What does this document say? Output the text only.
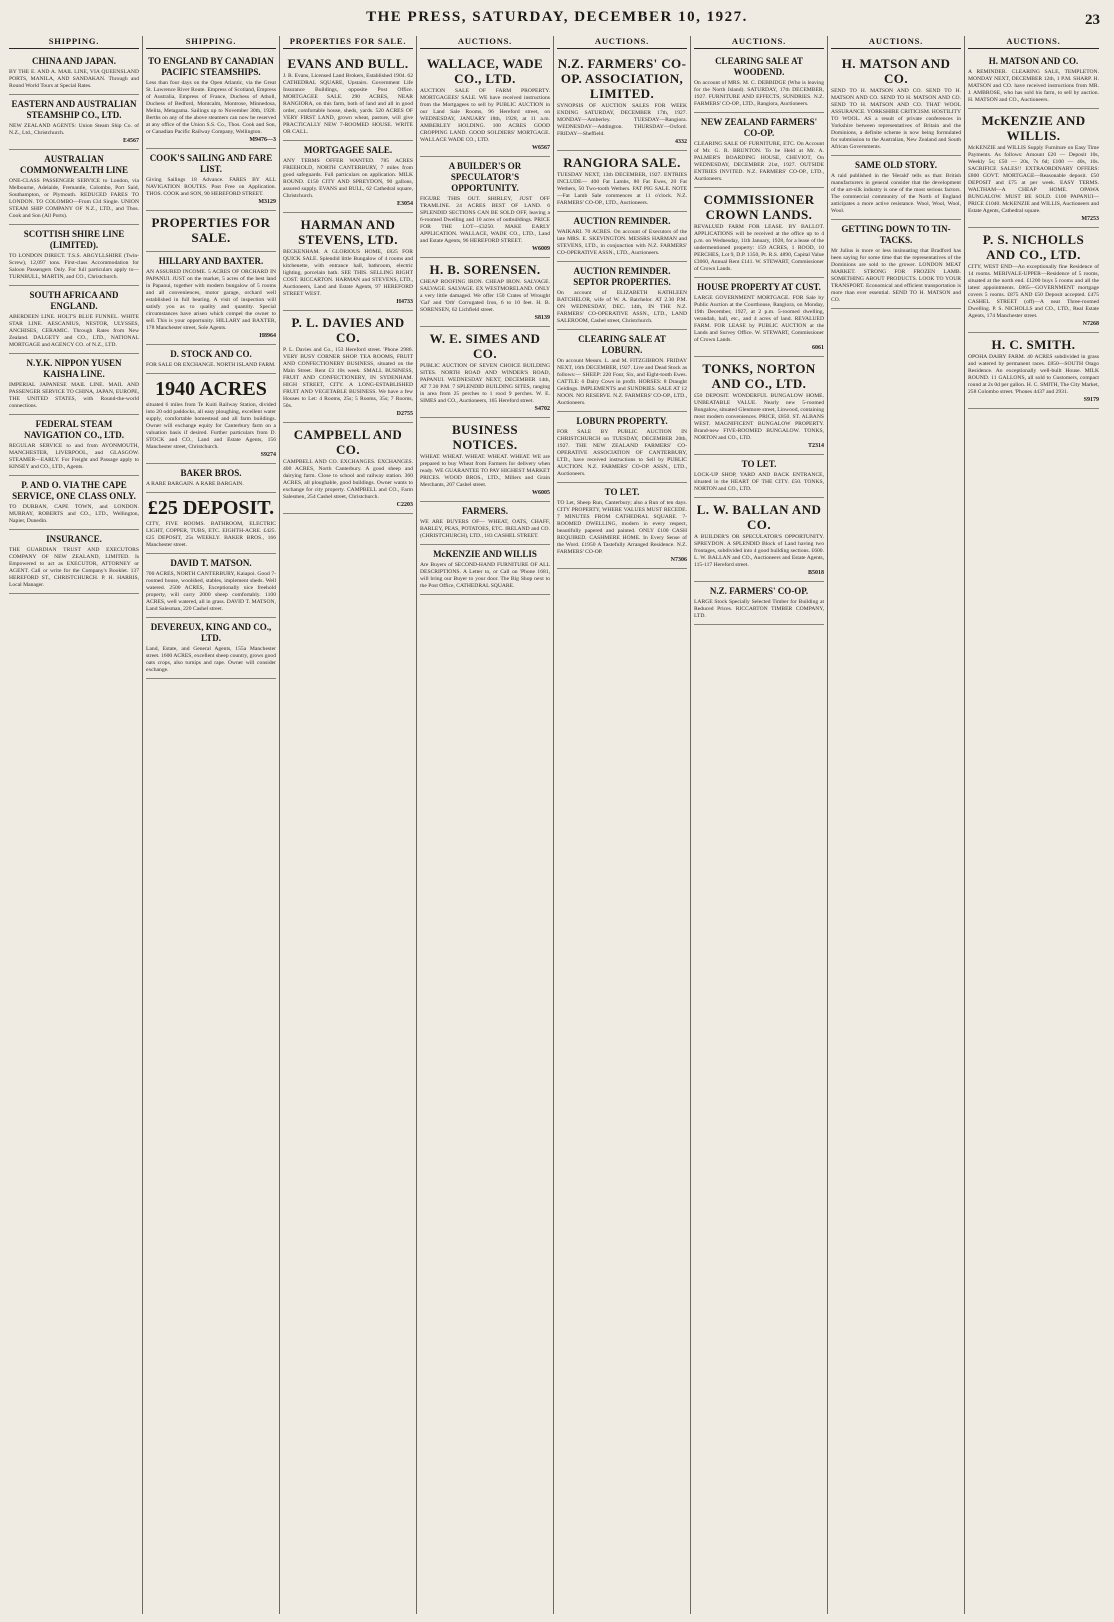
THE PRESS, SATURDAY, DECEMBER 10, 1927.	23
SHIPPING.
CHINA AND JAPAN.
BY THE E. AND A. MAIL LINE, VIA QUEENSLAND PORTS, MANILA, AND SANDAKAN. Through and Round World Tours at Special Rates.
EASTERN AND AUSTRALIAN STEAMSHIP CO., LTD.
NEW ZEALAND AGENTS: Union Steam Ship Co. of N.Z., Ltd., Christchurch.
E4567
AUSTRALIAN COMMONWEALTH LINE
ONE-CLASS PASSENGER SERVICE to London, via Melbourne, Adelaide, Fremantle, Colombo, Port Said, Southampton, or Plymouth. REDUCED FARES TO LONDON. TO COLOMBO—From £34 Single. UNION STEAM SHIP COMPANY OF N.Z., LTD., and Thos. Cook and Son (All Ports).
SCOTTISH SHIRE LINE (LIMITED).
TO LONDON DIRECT. T.S.S. ARGYLLSHIRE (Twin-Screw), 12,097 tons. First-class Accommodation for Saloon Passengers Only. For full particulars apply to— TURNBULL, MARTIN, and CO., Christchurch.
SOUTH AFRICA AND ENGLAND.
ABERDEEN LINE. HOLT'S BLUE FUNNEL. WHITE STAR LINE. AESCANIUS, NESTOR, ULYSSES, ANCHISES, CERAMIC. Through Rates from New Zealand. DALGETY and CO., LTD., NATIONAL MORTGAGE and AGENCY CO. of N.Z., LTD.
N.Y.K. NIPPON YUSEN KAISHA LINE.
IMPERIAL JAPANESE MAIL LINE. MAIL AND PASSENGER SERVICE TO CHINA, JAPAN, EUROPE, THE UNITED STATES, with Round-the-world connections.
FEDERAL STEAM NAVIGATION CO., LTD.
REGULAR SERVICE to and from AVONMOUTH, MANCHESTER, LIVERPOOL, and GLASGOW. STEAMER—EARLY. For Freight and Passage apply to KINSEY and CO., LTD., Agents.
P. AND O. VIA THE CAPE SERVICE, ONE CLASS ONLY.
TO DURBAN, CAPE TOWN, and LONDON. MURRAY, ROBERTS and CO., LTD., Wellington, Napier, Dunedin.
INSURANCE.
THE GUARDIAN TRUST AND EXECUTORS COMPANY OF NEW ZEALAND, LIMITED. Is Empowered to act as EXECUTOR, ATTORNEY or AGENT. Call or write for the Company's Booklet. 137 HEREFORD ST., CHRISTCHURCH. P. H. HARRIS, Local Manager.
SHIPPING.
TO ENGLAND BY CANADIAN PACIFIC STEAMSHIPS.
Less than four days on the Open Atlantic, via the Great St. Lawrence River Route. Empress of Scotland, Empress of Australia, Empress of France, Duchess of Atholl, Duchess of Bedford, Montcalm, Montrose, Minnedosa, Melita, Metagama. Sailings up to November 30th, 1928. Berths on any of the above steamers can now be reserved at any office of the Union S.S. Co., Thos. Cook and Son, or Canadian Pacific Railway Company, Wellington.
M9476—3
COOK'S SAILING AND FARE LIST.
Giving Sailings 18 Advance. FARES BY ALL NAVIGATION ROUTES. Post Free on Application. THOS. COOK and SON, 90 HEREFORD STREET.
M3129
PROPERTIES FOR SALE.
HILLARY AND BAXTER.
AN ASSURED INCOME. 5 ACRES OF ORCHARD IN PAPANUI. JUST on the market, 5 acres of the best land in Papanui, together with modern bungalow of 5 rooms and all conveniences, motor garage, orchard well established in full bearing. A visit of inspection will satisfy you as to quality and quantity. Special circumstances have arisen which compel the owner to sell. This is your opportunity. HILLARY and BAXTER, 178 Manchester street, Sole Agents.
H8964
D. STOCK AND CO.
FOR SALE OR EXCHANGE. NORTH ISLAND FARM.
1940 ACRES
situated 6 miles from Te Kuiti Railway Station, divided into 20 odd paddocks, all easy ploughing, excellent water supply, comfortable homestead and all farm buildings. Owner will exchange equity for Canterbury farm on a valuation basis if desired. Further particulars from D. STOCK and CO., Land and Estate Agents, 156 Manchester street, Christchurch.
S9274
BAKER BROS.
A RARE BARGAIN. A RARE BARGAIN.
£25 DEPOSIT.
CITY, FIVE ROOMS. BATHROOM, ELECTRIC LIGHT, COPPER, TUBS, ETC. EIGHTH-ACRE. £425. £25 DEPOSIT, 25s WEEKLY. BAKER BROS., 166 Manchester street.
DAVID T. MATSON.
700 ACRES, NORTH CANTERBURY, Kaiapoi. Good 7-roomed house, woolshed, stables, implement sheds. Well watered. 2500 ACRES, Exceptionally nice freehold property, will carry 2000 sheep comfortably. 1100 ACRES, well watered, all in grass. DAVID T. MATSON, Land Salesman, 220 Cashel street.
DEVEREUX, KING AND CO., LTD.
Land, Estate, and General Agents, 155a Manchester street. 1600 ACRES, excellent sheep country, grows good oats crops, also turnips and rape. Owner will consider exchange.
PROPERTIES FOR SALE.
EVANS AND BULL.
J. R. Evans, Licensed Land Brokers, Established 1904. 62 CATHEDRAL SQUARE, Upstairs. Government Life Insurance Buildings, opposite Post Office. MORTGAGEE SALE. 290 ACRES, NEAR RANGIORA, on this farm, both of land and all in good order, comfortable house, sheds, yards. 520 ACRES OF VERY FIRST LAND, grown wheat, pasture, will give PRACTICALLY NEW 7-ROOMED HOUSE. WRITE OR CALL.
MORTGAGEE SALE.
ANY TERMS OFFER WANTED. 785 ACRES FREEHOLD, NORTH CANTERBURY, 7 miles from good safeguards. Full particulars on application. MILK ROUND. £150 CITY AND SPREYDON, 90 gallons, assured supply. EVANS and BULL, 62 Cathedral square, Christchurch.
E3054
HARMAN AND STEVENS, LTD.
BECKENHAM. A GLORIOUS HOME, £825 FOR QUICK SALE. Splendid little Bungalow of 4 rooms and kitchenette, with entrance hall, bathroom, electric lighting, porcelain bath. SEE THIS. SELLING RIGHT COST. RICCARTON. HARMAN and STEVENS, LTD., Auctioneers, Land and Estate Agents, 97 HEREFORD STREET WEST.
H4733
P. L. DAVIES AND CO.
P. L. Davies and Co., 153 Hereford street. 'Phone 2986. VERY BUSY CORNER SHOP. TEA ROOMS, FRUIT AND CONFECTIONERY BUSINESS, situated on the Main Street. Rent £3 10s week. SMALL BUSINESS, FRUIT AND CONFECTIONERY, IN SYDENHAM. HIGH STREET, CITY. A LONG-ESTABLISHED FRUIT AND VEGETABLE BUSINESS. We have a few Houses to Let: 4 Rooms, 25s; 5 Rooms, 35s; 7 Rooms, 50s.
D2755
CAMPBELL AND CO.
CAMPBELL AND CO. EXCHANGES. EXCHANGES. 400 ACRES, North Canterbury. A good sheep and dairying farm. Close to school and railway station. 360 ACRES, all ploughable, good buildings. Owner wants to exchange for city property. CAMPBELL and CO., Farm Salesmen, 254 Cashel street, Christchurch.
C2203
AUCTIONS.
WALLACE, WADE CO., LTD.
AUCTION SALE OF FARM PROPERTY. MORTGAGEES' SALE. WE have received instructions from the Mortgagees to sell by PUBLIC AUCTION in our Land Sale Rooms, 96 Hereford street, on WEDNESDAY, JANUARY 18th, 1928, at 11 a.m. AMBERLEY HOLDING. 100 ACRES GOOD CROPPING LAND. GOOD SOLDIERS' MORTGAGE. WALLACE WADE CO., LTD.
W6567
A BUILDER'S OR SPECULATOR'S OPPORTUNITY.
FIGURE THIS OUT. SHIRLEY, JUST OFF TRAMLINE. 24 ACRES BEST OF LAND. 6 SPLENDID SECTIONS CAN BE SOLD OFF, leaving a 6-roomed Dwelling and 10 acres of outbuildings. PRICE FOR THE LOT—£3250. MAKE EARLY APPLICATION. WALLACE, WADE CO., LTD., Land and Estate Agents, 96 HEREFORD STREET.
W6009
H. B. SORENSEN.
CHEAP ROOFING IRON. CHEAP IRON. SALVAGE. SALVAGE. SALVAGE. EX WESTMORELAND. ONLY a very little damaged. We offer 150 Crates of Wrought 'Gal' and 'Orb' Corrugated Iron, 6 to 10 feet. H. B. SORENSEN, 62 Lichfield street.
S8139
W. E. SIMES AND CO.
PUBLIC AUCTION OF SEVEN CHOICE BUILDING SITES. NORTH ROAD AND WINDER'S ROAD, PAPANUI. WEDNESDAY NEXT, DECEMBER 14th, AT 7.30 P.M. 7 SPLENDID BUILDING SITES, ranging in area from 25 perches to 1 rood 9 perches. W. E. SIMES and CO., Auctioneers, 165 Hereford street.
S4702
BUSINESS NOTICES.
WHEAT. WHEAT. WHEAT. WHEAT. WHEAT. WE are prepared to buy Wheat from Farmers for delivery when ready. WE GUARANTEE TO PAY HIGHEST MARKET PRICES. WOOD BROS., LTD., Millers and Grain Merchants, 207 Cashel street.
W6005
FARMERS.
WE ARE BUYERS OF— WHEAT, OATS, CHAFF, BARLEY, PEAS, POTATOES, ETC. IRELAND and CO. (CHRISTCHURCH), LTD., 183 CASHEL STREET.
McKENZIE AND WILLIS
Are Buyers of SECOND-HAND FURNITURE OF ALL DESCRIPTIONS. A Letter to, or Call on 'Phone 1681, will bring our Buyer to your door. The Big Shop next to the Post Office, CATHEDRAL SQUARE.
AUCTIONS.
N.Z. FARMERS' CO-OP. ASSOCIATION, LIMITED.
SYNOPSIS OF AUCTION SALES FOR WEEK ENDING SATURDAY, DECEMBER 17th, 1927. MONDAY—Amberley. TUESDAY—Rangiora. WEDNESDAY—Addington. THURSDAY—Oxford. FRIDAY—Sheffield.
4332
RANGIORA SALE.
TUESDAY NEXT, 13th DECEMBER, 1927. ENTRIES INCLUDE— 400 Fat Lambs, 80 Fat Ewes, 20 Fat Wethers, 50 Two-tooth Wethers. FAT PIG SALE. NOTE—Fat Lamb Sale commences at 11 o'clock. N.Z. FARMERS' CO-OP., LTD., Auctioneers.
AUCTION REMINDER.
WAIKARI. 70 ACRES. On account of Executors of the late MRS. E. SKEVINGTON. MESSRS HARMAN and STEVENS, LTD., in conjunction with N.Z. FARMERS' CO-OPERATIVE ASSN., LTD., Auctioneers.
AUCTION REMINDER. SEPTOR PROPERTIES.
On account of ELIZABETH KATHLEEN BATCHELOR, wife of W. A. Batchelor. AT 2.30 P.M. ON WEDNESDAY, DEC. 14th, IN THE N.Z. FARMERS' CO-OPERATIVE ASSN., LTD., LAND SALEROOM, Cashel street, Christchurch.
CLEARING SALE AT LOBURN.
On account Messrs. L. and M. FITZGIBBON. FRIDAY NEXT, 16th DECEMBER, 1927. Live and Dead Stock as follows:— SHEEP: 220 Four, Six, and Eight-tooth Ewes. CATTLE: 6 Dairy Cows in profit. HORSES: 8 Draught Geldings. IMPLEMENTS and SUNDRIES. SALE AT 12 NOON. NO RESERVE. N.Z. FARMERS' CO-OP., LTD., Auctioneers.
LOBURN PROPERTY.
FOR SALE BY PUBLIC AUCTION IN CHRISTCHURCH on TUESDAY, DECEMBER 20th, 1927. THE NEW ZEALAND FARMERS' CO-OPERATIVE ASSOCIATION OF CANTERBURY, LTD., have received instructions to Sell by PUBLIC AUCTION. N.Z. FARMERS' CO-OP. ASSN., LTD., Auctioneers.
TO LET.
TO Let, Sheep Run, Canterbury; also a Run of ten days. CITY PROPERTY, WHERE VALUES MUST RECEDE. 7 MINUTES FROM CATHEDRAL SQUARE. 7-ROOMED DWELLING, modern in every respect, beautifully papered and painted. ONLY £100 CASH REQUIRED. CASHMERE HOME. In Every Sense of the Word. £1950 A Tastefully Arranged Residence. N.Z. FARMERS' CO-OP.
N7306
AUCTIONS.
CLEARING SALE AT WOODEND.
On account of MRS. M. C. DEBBIDGE (Who is leaving for the North Island). SATURDAY, 17th DECEMBER, 1927. FURNITURE AND EFFECTS, SUNDRIES. N.Z. FARMERS' CO-OP., LTD., Rangiora, Auctioneers.
NEW ZEALAND FARMERS' CO-OP.
CLEARING SALE OF FURNITURE, ETC. On Account of Mr. G. R. BRUNTON. To be Held at Mr. A. PALMER'S BOARDING HOUSE, CHEVIOT, On WEDNESDAY, DECEMBER 21st, 1927. OUTSIDE ENTRIES INVITED. N.Z. FARMERS' CO-OP., LTD., Auctioneers.
COMMISSIONER CROWN LANDS.
REVALUED FARM FOR LEASE. BY BALLOT. APPLICATIONS will be received at the office up to 4 p.m. on Wednesday, 11th January, 1928, for a lease of the undermentioned property: 159 ACRES, 1 ROOD, 10 PERCHES, Lot 9, D.P. 1350, Pt. R.S. 4890, Capital Value £3060, Annual Rent £141. W. STEWART, Commissioner of Crown Lands.
HOUSE PROPERTY AT CUST.
LARGE GOVERNMENT MORTGAGE. FOR Sale by Public Auction at the Courthouse, Rangiora, on Monday, 19th December, 1927, at 2 p.m. 5-roomed dwelling, verandah, hall, etc., and 4 acres of land. REVALUED FARM. FOR LEASE by PUBLIC AUCTION at the Lands and Survey Office. W. STEWART, Commissioner of Crown Lands.
6061
TONKS, NORTON AND CO., LTD.
£50 DEPOSIT. WONDERFUL BUNGALOW HOME. UNBEATABLE VALUE. Nearly new 5-roomed Bungalow, situated Glenmore street, Linwood, containing most modern conveniences. PRICE, £850. ST. ALBANS WEST. MAGNIFICENT BUNGALOW PROPERTY. Brand-new FIVE-ROOMED BUNGALOW. TONKS, NORTON and CO., LTD.
T2314
TO LET.
LOCK-UP SHOP, YARD AND BACK ENTRANCE, situated in the HEART OF THE CITY. £50. TONKS, NORTON and CO., LTD.
L. W. BALLAN AND CO.
A BUILDER'S OR SPECULATOR'S OPPORTUNITY. SPREYDON. A SPLENDID Block of Land having two frontages, subdivided into 4 good building sections. £600. L. W. BALLAN and CO., Auctioneers and Estate Agents, 115-117 Hereford street.
B5018
N.Z. FARMERS' CO-OP.
LARGE Stock Specially Selected Timber for Building at Reduced Prices. RICCARTON TIMBER COMPANY, LTD.
AUCTIONS.
H. MATSON AND CO.
SEND TO H. MATSON AND CO. SEND TO H. MATSON AND CO. SEND TO H. MATSON AND CO. SEND TO H. MATSON AND CO. THAT WOOL ASSURANCE. YORKSHIRE CRITICISM. HOSTILITY TO WOOL. AS a result of private conferences in Yorkshire between representatives of Britain and the Dominions, a definite scheme is now being formulated for submission to the Australian, New Zealand and South African Governments.
SAME OLD STORY.
A raid published in the 'Herald' tells us that: British manufacturers in general consider that the development of the art-silk industry is one of the most serious factors. The commercial community of the North of England anticipates a more active resistance. Wool, Wool, Wool, Wool.
GETTING DOWN TO TIN-TACKS.
Mr Julius is more or less insinuating that Bradford has been saying for some time that the representatives of the Dominions are sold to the grower. LONDON MEAT MARKET. STRONG FOR FROZEN LAMB. SOMETHING ABOUT PRODUCTS. LOOK TO YOUR TRANSPORT. Economical and efficient transportation is more than ever essential. SEND TO H. MATSON and CO.
AUCTIONS.
H. MATSON AND CO.
A REMINDER. CLEARING SALE, TEMPLETON. MONDAY NEXT, DECEMBER 12th, 1 P.M. SHARP. H. MATSON and CO. have received instructions from MR. J. AMBROSE, who has sold his farm, to sell by auction. H. MATSON and CO., Auctioneers.
McKENZIE AND WILLIS.
McKENZIE and WILLIS Supply Furniture on Easy Time Payments. As follows: Amount £20 — Deposit 10s, Weekly 5s; £50 — 20s, 7s 6d; £100 — 40s, 10s. SACRIFICE SALES!! EXTRAORDINARY OFFERS: £800 GOVT. MORTGAGE—Reasonable deposit. £50 DEPOSIT and £75 at per week. EASY TERMS. WALTHAM—A CHEAP HOME. OPAWA BUNGALOW. MUST BE SOLD. £100 PAPANUI—PRICE £1040. McKENZIE and WILLIS, Auctioneers and Estate Agents, Cathedral square.
M7253
P. S. NICHOLLS AND CO., LTD.
CITY, WEST END—An exceptionally fine Residence of 14 rooms. MERIVALE-UPPER—Residence of 5 rooms, situated at the north end. £1200 buys 5 rooms and all the latest appointments. £865—GOVERNMENT mortgage covers 5 rooms. £875 AND £50 Deposit accepted. £475 CASHEL STREET (off)—A neat Three-roomed Dwelling. P. S. NICHOLLS and CO., LTD., Real Estate Agents, 174 Manchester street.
N7268
H. C. SMITH.
OPOHA DAIRY FARM. 40 ACRES subdivided in grass and watered by permanent races. £850—SOUTH Otago Residence. An exceptionally well-built House. MILK ROUND. 11 GALLONS, all sold to Customers, compact round at 2s 0d per gallon. H. C. SMITH, The City Market, 258 Colombo street. 'Phones 4437 and 2931.
S9179
